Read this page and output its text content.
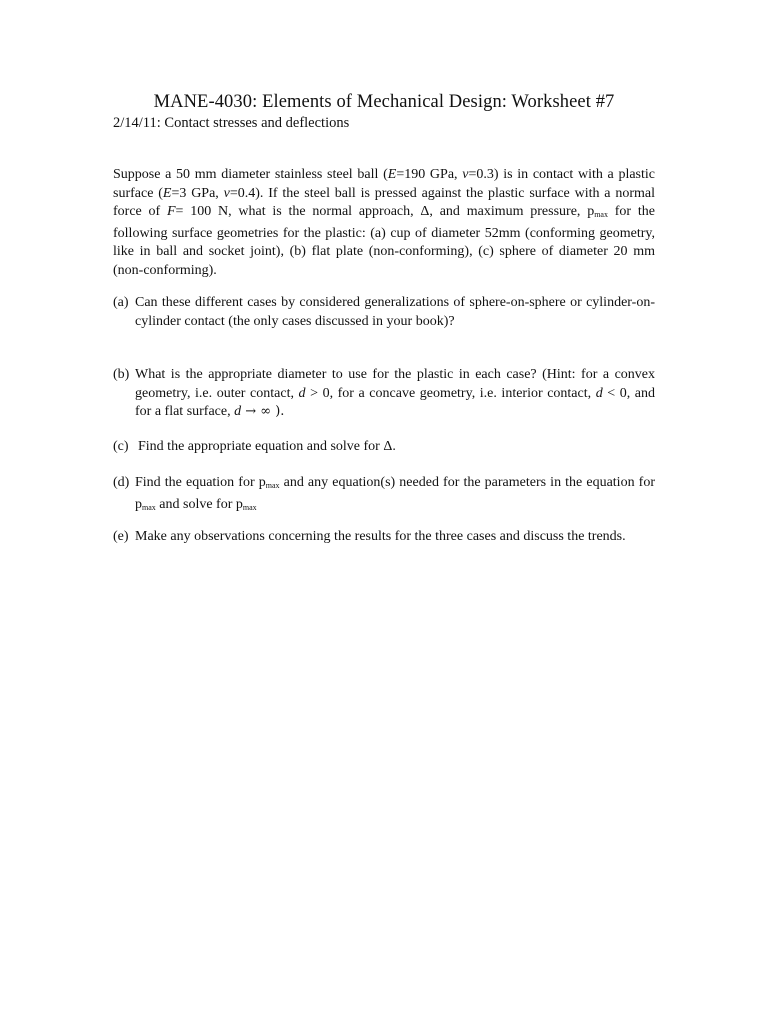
MANE-4030: Elements of Mechanical Design: Worksheet #7
2/14/11: Contact stresses and deflections

Suppose a 50 mm diameter stainless steel ball (E=190 GPa, ν=0.3) is in contact with a plastic surface (E=3 GPa, ν=0.4). If the steel ball is pressed against the plastic surface with a normal force of F= 100 N, what is the normal approach, Δ, and maximum pressure, $p_{max}$ for the following surface geometries for the plastic: (a) cup of diameter 52mm (conforming geometry, like in ball and socket joint), (b) flat plate (non-conforming), (c) sphere of diameter 20 mm (non-conforming).

(a) Can these different cases by considered generalizations of sphere-on-sphere or cylinder-on-cylinder contact (the only cases discussed in your book)?
(b) What is the appropriate diameter to use for the plastic in each case? (Hint: for a convex geometry, i.e. outer contact, d > 0, for a concave geometry, i.e. interior contact, d < 0, and for a flat surface, d → ∞ ).
(c) Find the appropriate equation and solve for Δ.
(d) Find the equation for $p_{max}$ and any equation(s) needed for the parameters in the equation for $p_{max}$ and solve for $p_{max}$
(e) Make any observations concerning the results for the three cases and discuss the trends.
